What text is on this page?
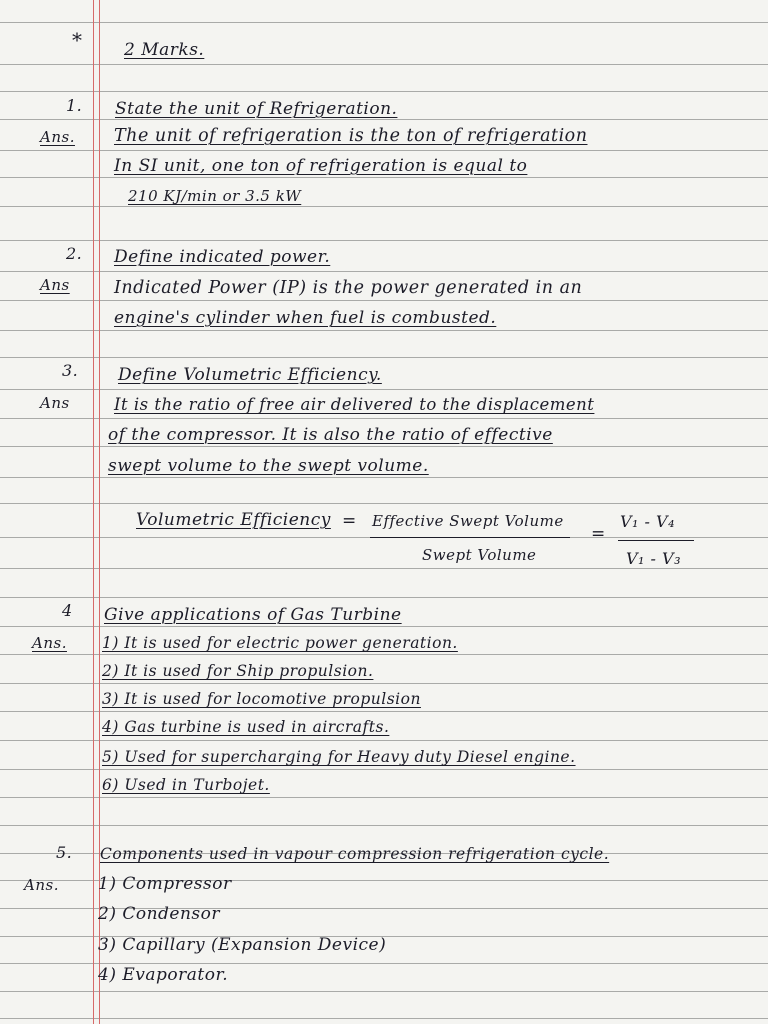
* 2 Marks.
1. State the unit of Refrigeration.
Ans. The unit of refrigeration is the ton of refrigeration
In SI unit, one ton of refrigeration is equal to
210 KJ/min or 3.5 kW
2. Define indicated power.
Ans	Indicated Power (IP) is the power generated in an
engine's cylinder when fuel is combusted.
3. Define Volumetric Efficiency.
Ans	It is the ratio of free air delivered to the displacement
of the compressor. It is also the ratio of effective
swept volume to the swept volume.
Volumetric Efficiency = Effective Swept Volume
Swept Volume
=
V₁ - V₄
V₁ - V₃
4 Give applications of Gas Turbine
Ans. 1) It is used for electric power generation.
2) It is used for Ship propulsion.
3) It is used for locomotive propulsion
4) Gas turbine is used in aircrafts.
5) Used for supercharging for Heavy duty Diesel engine.
6) Used in Turbojet.
5. Components used in vapour compression refrigeration cycle.
Ans. 1) Compressor
2) Condensor
3) Capillary (Expansion Device)
4) Evaporator.
